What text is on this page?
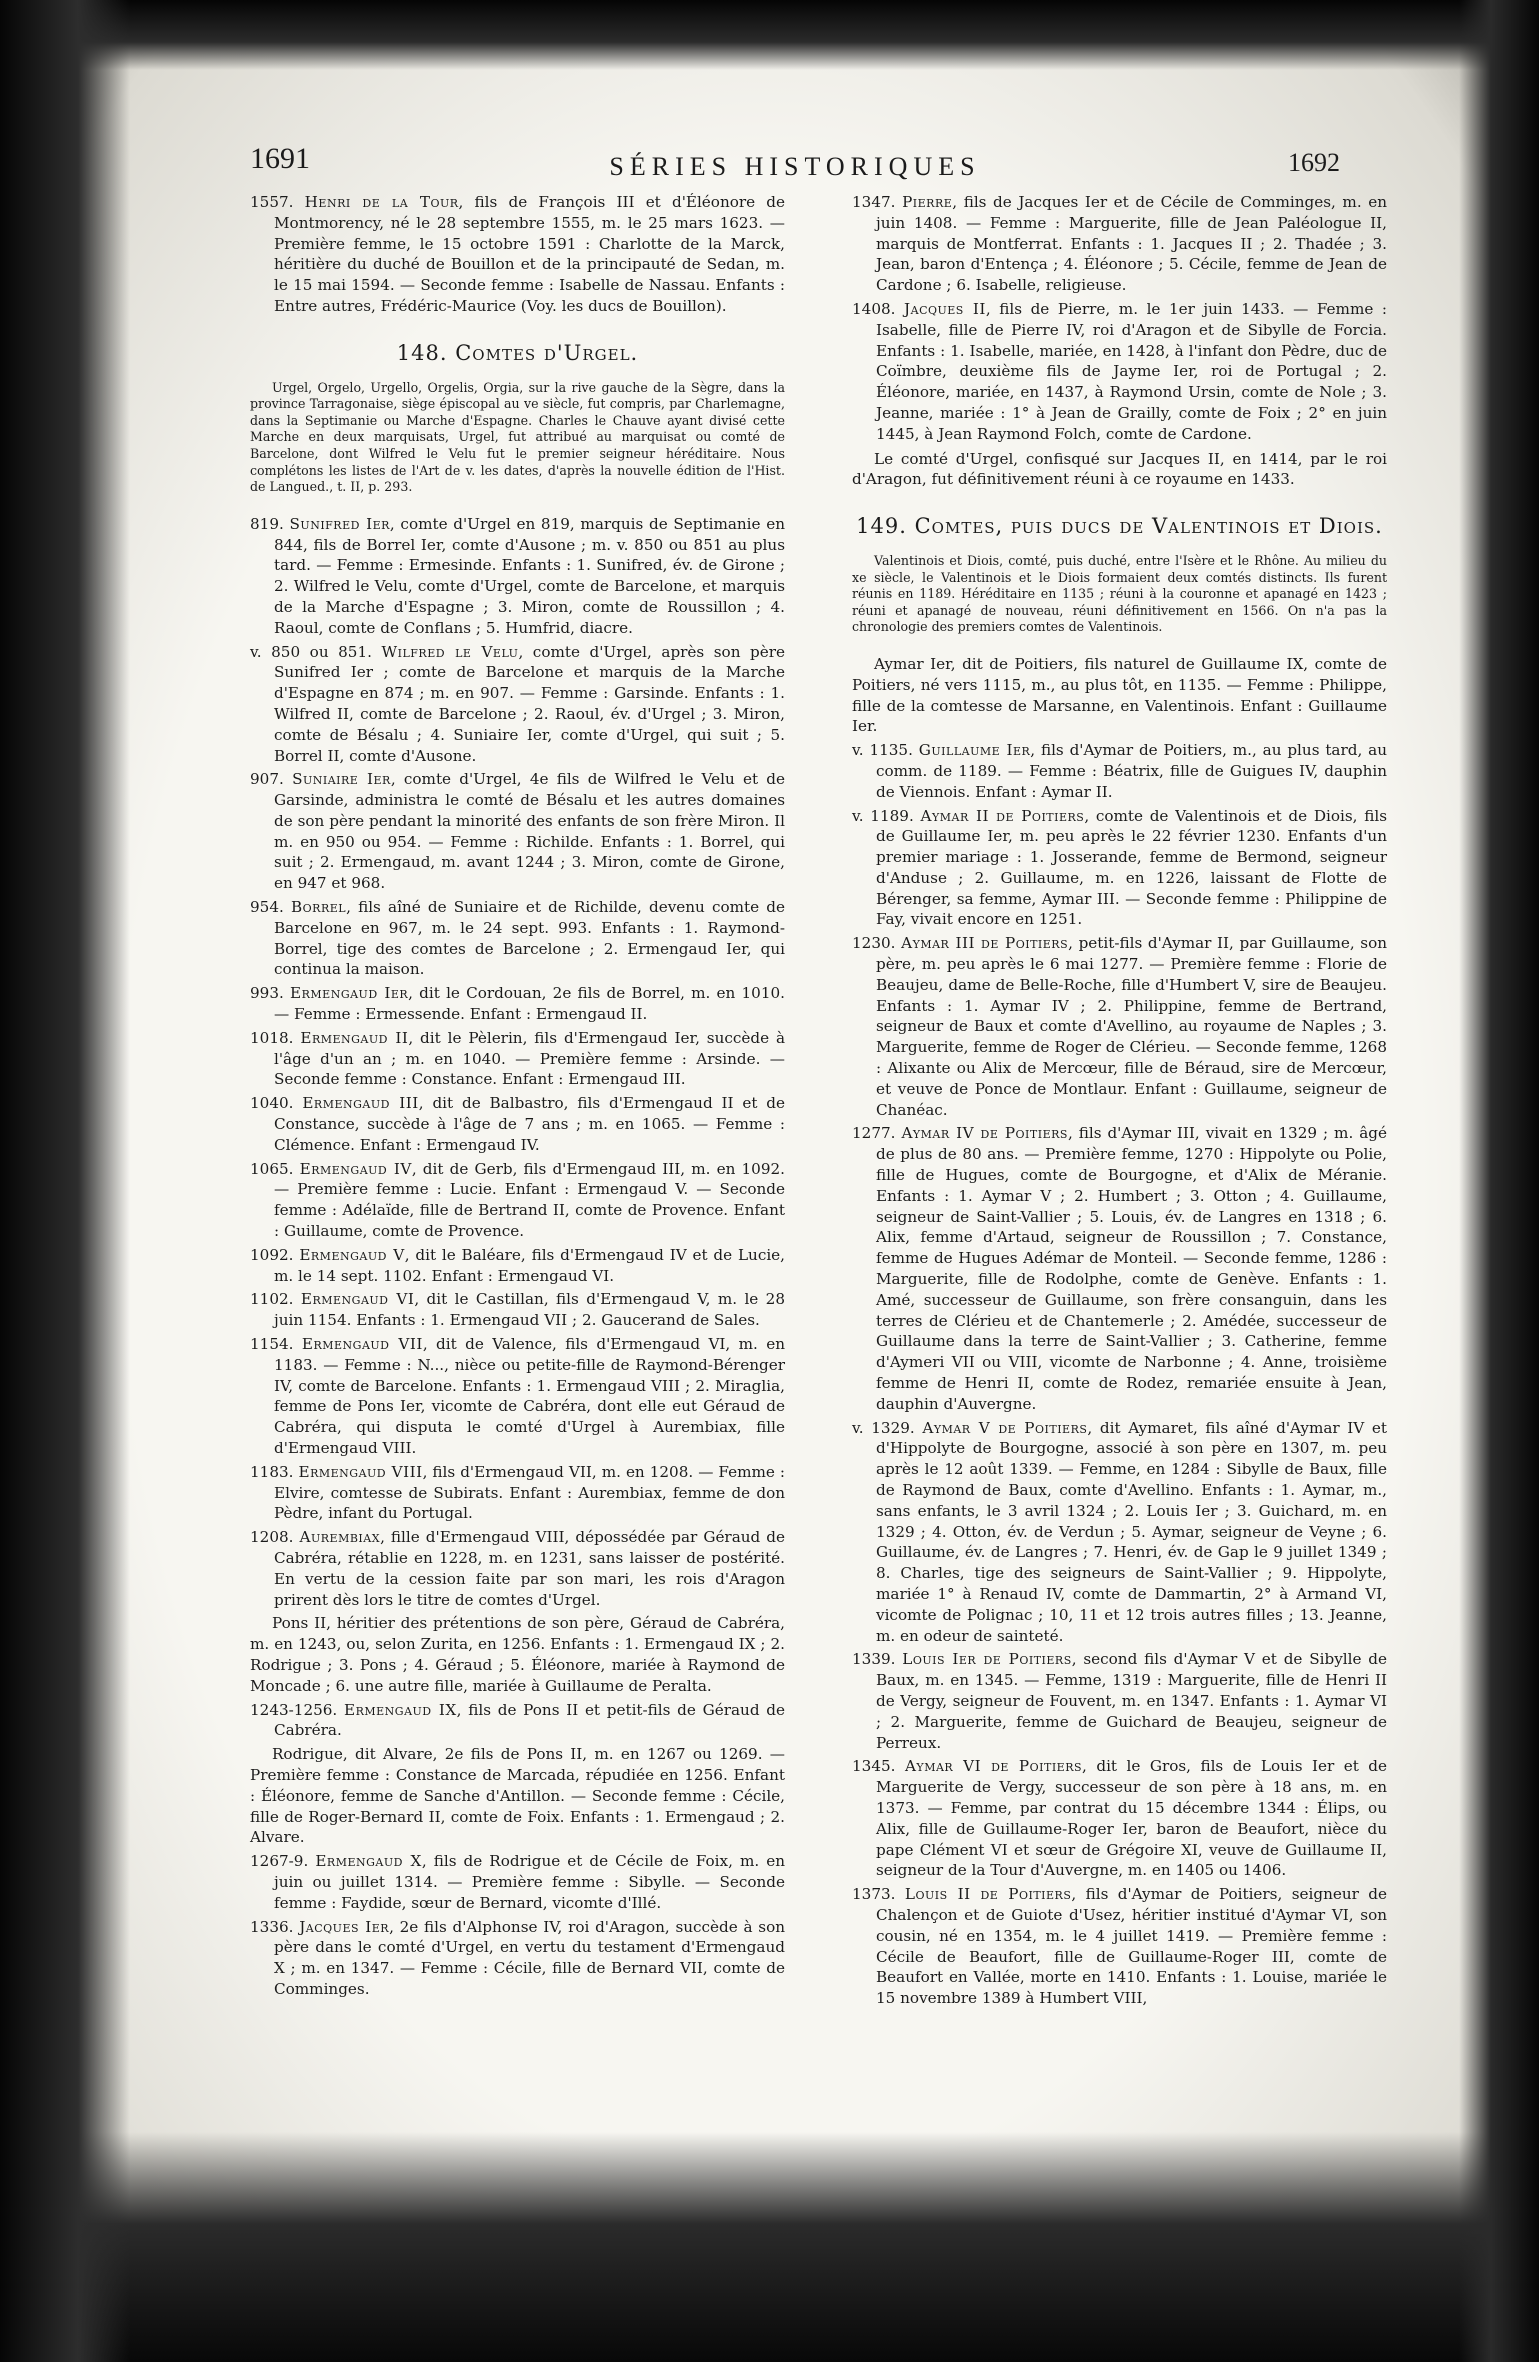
1691	SÉRIES HISTORIQUES	1692

1557. Henri de la Tour, fils de François III et d'Éléonore de Montmorency, né le 28 septembre 1555, m. le 25 mars 1623. — Première femme, le 15 octobre 1591 : Charlotte de la Marck, héritière du duché de Bouillon et de la principauté de Sedan, m. le 15 mai 1594. — Seconde femme : Isabelle de Nassau. Enfants : Entre autres, Frédéric-Maurice (Voy. les ducs de Bouillon).

148. Comtes d'Urgel.

Urgel, Orgelo, Urgello, Orgelis, Orgia, sur la rive gauche de la Sègre, dans la province Tarragonaise, siège épiscopal au ve siècle, fut compris, par Charlemagne, dans la Septimanie ou Marche d'Espagne. Charles le Chauve ayant divisé cette Marche en deux marquisats, Urgel, fut attribué au marquisat ou comté de Barcelone, dont Wilfred le Velu fut le premier seigneur héréditaire. Nous complétons les listes de l'Art de v. les dates, d'après la nouvelle édition de l'Hist. de Langued., t. II, p. 293.

819. Sunifred Ier, comte d'Urgel en 819, marquis de Septimanie en 844, fils de Borrel Ier, comte d'Ausone ; m. v. 850 ou 851 au plus tard. — Femme : Ermesinde. Enfants : 1. Sunifred, év. de Girone ; 2. Wilfred le Velu, comte d'Urgel, comte de Barcelone, et marquis de la Marche d'Espagne ; 3. Miron, comte de Roussillon ; 4. Raoul, comte de Conflans ; 5. Humfrid, diacre.

v. 850 ou 851. Wilfred le Velu, comte d'Urgel, après son père Sunifred Ier ; comte de Barcelone et marquis de la Marche d'Espagne en 874 ; m. en 907. — Femme : Garsinde. Enfants : 1. Wilfred II, comte de Barcelone ; 2. Raoul, év. d'Urgel ; 3. Miron, comte de Bésalu ; 4. Suniaire Ier, comte d'Urgel, qui suit ; 5. Borrel II, comte d'Ausone.

907. Suniaire Ier, comte d'Urgel, 4e fils de Wilfred le Velu et de Garsinde, administra le comté de Bésalu et les autres domaines de son père pendant la minorité des enfants de son frère Miron. Il m. en 950 ou 954. — Femme : Richilde. Enfants : 1. Borrel, qui suit ; 2. Ermengaud, m. avant 1244 ; 3. Miron, comte de Girone, en 947 et 968.

954. Borrel, fils aîné de Suniaire et de Richilde, devenu comte de Barcelone en 967, m. le 24 sept. 993. Enfants : 1. Raymond-Borrel, tige des comtes de Barcelone ; 2. Ermengaud Ier, qui continua la maison.

993. Ermengaud Ier, dit le Cordouan, 2e fils de Borrel, m. en 1010. — Femme : Ermessende. Enfant : Ermengaud II.

1018. Ermengaud II, dit le Pèlerin, fils d'Ermengaud Ier, succède à l'âge d'un an ; m. en 1040. — Première femme : Arsinde. — Seconde femme : Constance. Enfant : Ermengaud III.

1040. Ermengaud III, dit de Balbastro, fils d'Ermengaud II et de Constance, succède à l'âge de 7 ans ; m. en 1065. — Femme : Clémence. Enfant : Ermengaud IV.

1065. Ermengaud IV, dit de Gerb, fils d'Ermengaud III, m. en 1092. — Première femme : Lucie. Enfant : Ermengaud V. — Seconde femme : Adélaïde, fille de Bertrand II, comte de Provence. Enfant : Guillaume, comte de Provence.

1092. Ermengaud V, dit le Baléare, fils d'Ermengaud IV et de Lucie, m. le 14 sept. 1102. Enfant : Ermengaud VI.

1102. Ermengaud VI, dit le Castillan, fils d'Ermengaud V, m. le 28 juin 1154. Enfants : 1. Ermengaud VII ; 2. Gaucerand de Sales.

1154. Ermengaud VII, dit de Valence, fils d'Ermengaud VI, m. en 1183. — Femme : N..., nièce ou petite-fille de Raymond-Bérenger IV, comte de Barcelone. Enfants : 1. Ermengaud VIII ; 2. Miraglia, femme de Pons Ier, vicomte de Cabréra, dont elle eut Géraud de Cabréra, qui disputa le comté d'Urgel à Aurembiax, fille d'Ermengaud VIII.

1183. Ermengaud VIII, fils d'Ermengaud VII, m. en 1208. — Femme : Elvire, comtesse de Subirats. Enfant : Aurembiax, femme de don Pèdre, infant du Portugal.

1208. Aurembiax, fille d'Ermengaud VIII, dépossédée par Géraud de Cabréra, rétablie en 1228, m. en 1231, sans laisser de postérité. En vertu de la cession faite par son mari, les rois d'Aragon prirent dès lors le titre de comtes d'Urgel.

Pons II, héritier des prétentions de son père, Géraud de Cabréra, m. en 1243, ou, selon Zurita, en 1256. Enfants : 1. Ermengaud IX ; 2. Rodrigue ; 3. Pons ; 4. Géraud ; 5. Éléonore, mariée à Raymond de Moncade ; 6. une autre fille, mariée à Guillaume de Peralta.

1243-1256. Ermengaud IX, fils de Pons II et petit-fils de Géraud de Cabréra.

Rodrigue, dit Alvare, 2e fils de Pons II, m. en 1267 ou 1269. — Première femme : Constance de Marcada, répudiée en 1256. Enfant : Éléonore, femme de Sanche d'Antillon. — Seconde femme : Cécile, fille de Roger-Bernard II, comte de Foix. Enfants : 1. Ermengaud ; 2. Alvare.

1267-9. Ermengaud X, fils de Rodrigue et de Cécile de Foix, m. en juin ou juillet 1314. — Première femme : Sibylle. — Seconde femme : Faydide, sœur de Bernard, vicomte d'Illé.

1336. Jacques Ier, 2e fils d'Alphonse IV, roi d'Aragon, succède à son père dans le comté d'Urgel, en vertu du testament d'Ermengaud X ; m. en 1347. — Femme : Cécile, fille de Bernard VII, comte de Comminges.

1347. Pierre, fils de Jacques Ier et de Cécile de Comminges, m. en juin 1408. — Femme : Marguerite, fille de Jean Paléologue II, marquis de Montferrat. Enfants : 1. Jacques II ; 2. Thadée ; 3. Jean, baron d'Entença ; 4. Éléonore ; 5. Cécile, femme de Jean de Cardone ; 6. Isabelle, religieuse.

1408. Jacques II, fils de Pierre, m. le 1er juin 1433. — Femme : Isabelle, fille de Pierre IV, roi d'Aragon et de Sibylle de Forcia. Enfants : 1. Isabelle, mariée, en 1428, à l'infant don Pèdre, duc de Coïmbre, deuxième fils de Jayme Ier, roi de Portugal ; 2. Éléonore, mariée, en 1437, à Raymond Ursin, comte de Nole ; 3. Jeanne, mariée : 1° à Jean de Grailly, comte de Foix ; 2° en juin 1445, à Jean Raymond Folch, comte de Cardone.

Le comté d'Urgel, confisqué sur Jacques II, en 1414, par le roi d'Aragon, fut définitivement réuni à ce royaume en 1433.

149. Comtes, puis ducs de Valentinois et Diois.

Valentinois et Diois, comté, puis duché, entre l'Isère et le Rhône. Au milieu du xe siècle, le Valentinois et le Diois formaient deux comtés distincts. Ils furent réunis en 1189. Héréditaire en 1135 ; réuni à la couronne et apanagé en 1423 ; réuni et apanagé de nouveau, réuni définitivement en 1566. On n'a pas la chronologie des premiers comtes de Valentinois.

Aymar Ier, dit de Poitiers, fils naturel de Guillaume IX, comte de Poitiers, né vers 1115, m., au plus tôt, en 1135. — Femme : Philippe, fille de la comtesse de Marsanne, en Valentinois. Enfant : Guillaume Ier.

v. 1135. Guillaume Ier, fils d'Aymar de Poitiers, m., au plus tard, au comm. de 1189. — Femme : Béatrix, fille de Guigues IV, dauphin de Viennois. Enfant : Aymar II.

v. 1189. Aymar II de Poitiers, comte de Valentinois et de Diois, fils de Guillaume Ier, m. peu après le 22 février 1230. Enfants d'un premier mariage : 1. Josserande, femme de Bermond, seigneur d'Anduse ; 2. Guillaume, m. en 1226, laissant de Flotte de Bérenger, sa femme, Aymar III. — Seconde femme : Philippine de Fay, vivait encore en 1251.

1230. Aymar III de Poitiers, petit-fils d'Aymar II, par Guillaume, son père, m. peu après le 6 mai 1277. — Première femme : Florie de Beaujeu, dame de Belle-Roche, fille d'Humbert V, sire de Beaujeu. Enfants : 1. Aymar IV ; 2. Philippine, femme de Bertrand, seigneur de Baux et comte d'Avellino, au royaume de Naples ; 3. Marguerite, femme de Roger de Clérieu. — Seconde femme, 1268 : Alixante ou Alix de Mercœur, fille de Béraud, sire de Mercœur, et veuve de Ponce de Montlaur. Enfant : Guillaume, seigneur de Chanéac.

1277. Aymar IV de Poitiers, fils d'Aymar III, vivait en 1329 ; m. âgé de plus de 80 ans. — Première femme, 1270 : Hippolyte ou Polie, fille de Hugues, comte de Bourgogne, et d'Alix de Méranie. Enfants : 1. Aymar V ; 2. Humbert ; 3. Otton ; 4. Guillaume, seigneur de Saint-Vallier ; 5. Louis, év. de Langres en 1318 ; 6. Alix, femme d'Artaud, seigneur de Roussillon ; 7. Constance, femme de Hugues Adémar de Monteil. — Seconde femme, 1286 : Marguerite, fille de Rodolphe, comte de Genève. Enfants : 1. Amé, successeur de Guillaume, son frère consanguin, dans les terres de Clérieu et de Chantemerle ; 2. Amédée, successeur de Guillaume dans la terre de Saint-Vallier ; 3. Catherine, femme d'Aymeri VII ou VIII, vicomte de Narbonne ; 4. Anne, troisième femme de Henri II, comte de Rodez, remariée ensuite à Jean, dauphin d'Auvergne.

v. 1329. Aymar V de Poitiers, dit Aymaret, fils aîné d'Aymar IV et d'Hippolyte de Bourgogne, associé à son père en 1307, m. peu après le 12 août 1339. — Femme, en 1284 : Sibylle de Baux, fille de Raymond de Baux, comte d'Avellino. Enfants : 1. Aymar, m., sans enfants, le 3 avril 1324 ; 2. Louis Ier ; 3. Guichard, m. en 1329 ; 4. Otton, év. de Verdun ; 5. Aymar, seigneur de Veyne ; 6. Guillaume, év. de Langres ; 7. Henri, év. de Gap le 9 juillet 1349 ; 8. Charles, tige des seigneurs de Saint-Vallier ; 9. Hippolyte, mariée 1° à Renaud IV, comte de Dammartin, 2° à Armand VI, vicomte de Polignac ; 10, 11 et 12 trois autres filles ; 13. Jeanne, m. en odeur de sainteté.

1339. Louis Ier de Poitiers, second fils d'Aymar V et de Sibylle de Baux, m. en 1345. — Femme, 1319 : Marguerite, fille de Henri II de Vergy, seigneur de Fouvent, m. en 1347. Enfants : 1. Aymar VI ; 2. Marguerite, femme de Guichard de Beaujeu, seigneur de Perreux.

1345. Aymar VI de Poitiers, dit le Gros, fils de Louis Ier et de Marguerite de Vergy, successeur de son père à 18 ans, m. en 1373. — Femme, par contrat du 15 décembre 1344 : Élips, ou Alix, fille de Guillaume-Roger Ier, baron de Beaufort, nièce du pape Clément VI et sœur de Grégoire XI, veuve de Guillaume II, seigneur de la Tour d'Auvergne, m. en 1405 ou 1406.

1373. Louis II de Poitiers, fils d'Aymar de Poitiers, seigneur de Chalençon et de Guiote d'Usez, héritier institué d'Aymar VI, son cousin, né en 1354, m. le 4 juillet 1419. — Première femme : Cécile de Beaufort, fille de Guillaume-Roger III, comte de Beaufort en Vallée, morte en 1410. Enfants : 1. Louise, mariée le 15 novembre 1389 à Humbert VIII,
